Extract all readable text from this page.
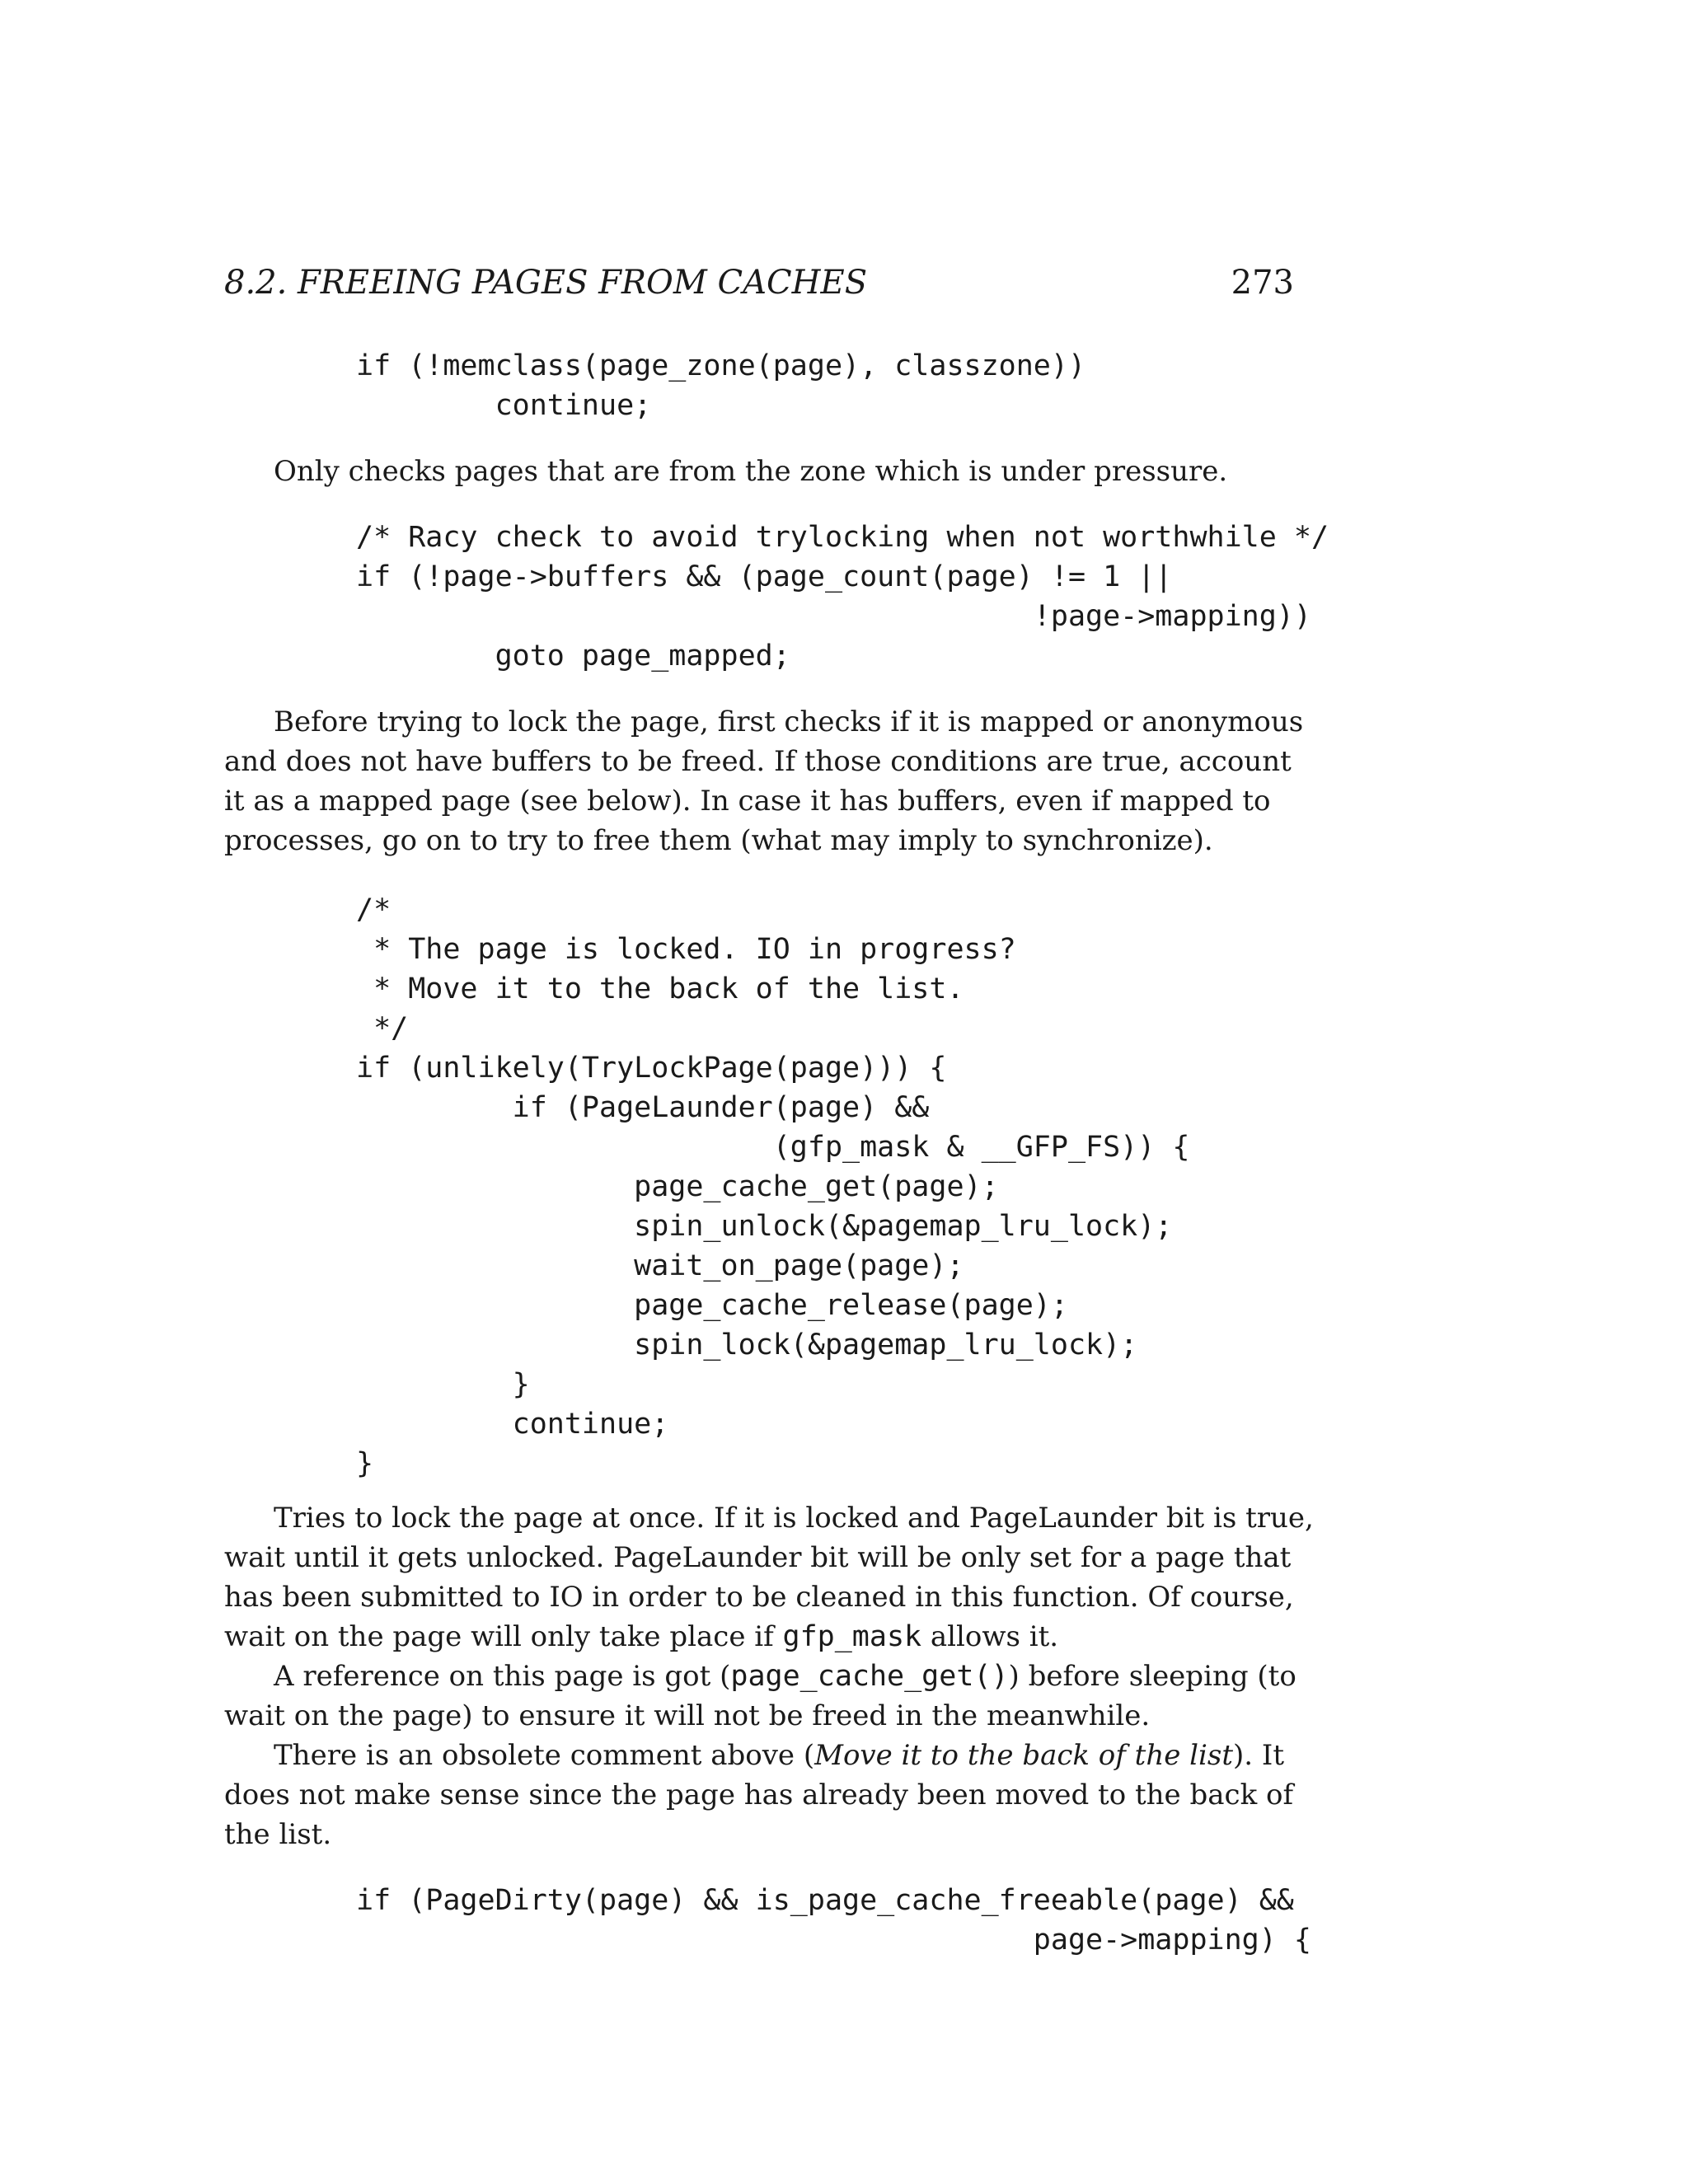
8.2. FREEING PAGES FROM CACHES	273
if (!memclass(page_zone(page), classzone))
continue;
Only checks pages that are from the zone which is under pressure.
/* Racy check to avoid trylocking when not worthwhile */
if (!page->buffers && (page_count(page) != 1 ||
!page->mapping))
goto page_mapped;
Before trying to lock the page, first checks if it is mapped or anonymous
and does not have buffers to be freed. If those conditions are true, account
it as a mapped page (see below). In case it has buffers, even if mapped to
processes, go on to try to free them (what may imply to synchronize).
/*
* The page is locked. IO in progress?
* Move it to the back of the list.
*/
if (unlikely(TryLockPage(page))) {
if (PageLaunder(page) &&
(gfp_mask & __GFP_FS)) {
page_cache_get(page);
spin_unlock(&pagemap_lru_lock);
wait_on_page(page);
page_cache_release(page);
spin_lock(&pagemap_lru_lock);
}
continue;
}
Tries to lock the page at once. If it is locked and PageLaunder bit is true,
wait until it gets unlocked. PageLaunder bit will be only set for a page that
has been submitted to IO in order to be cleaned in this function. Of course,
wait on the page will only take place if gfp_mask allows it.
A reference on this page is got (page_cache_get()) before sleeping (to
wait on the page) to ensure it will not be freed in the meanwhile.
There is an obsolete comment above (Move it to the back of the list). It
does not make sense since the page has already been moved to the back of
the list.
if (PageDirty(page) && is_page_cache_freeable(page) &&
page->mapping) {
